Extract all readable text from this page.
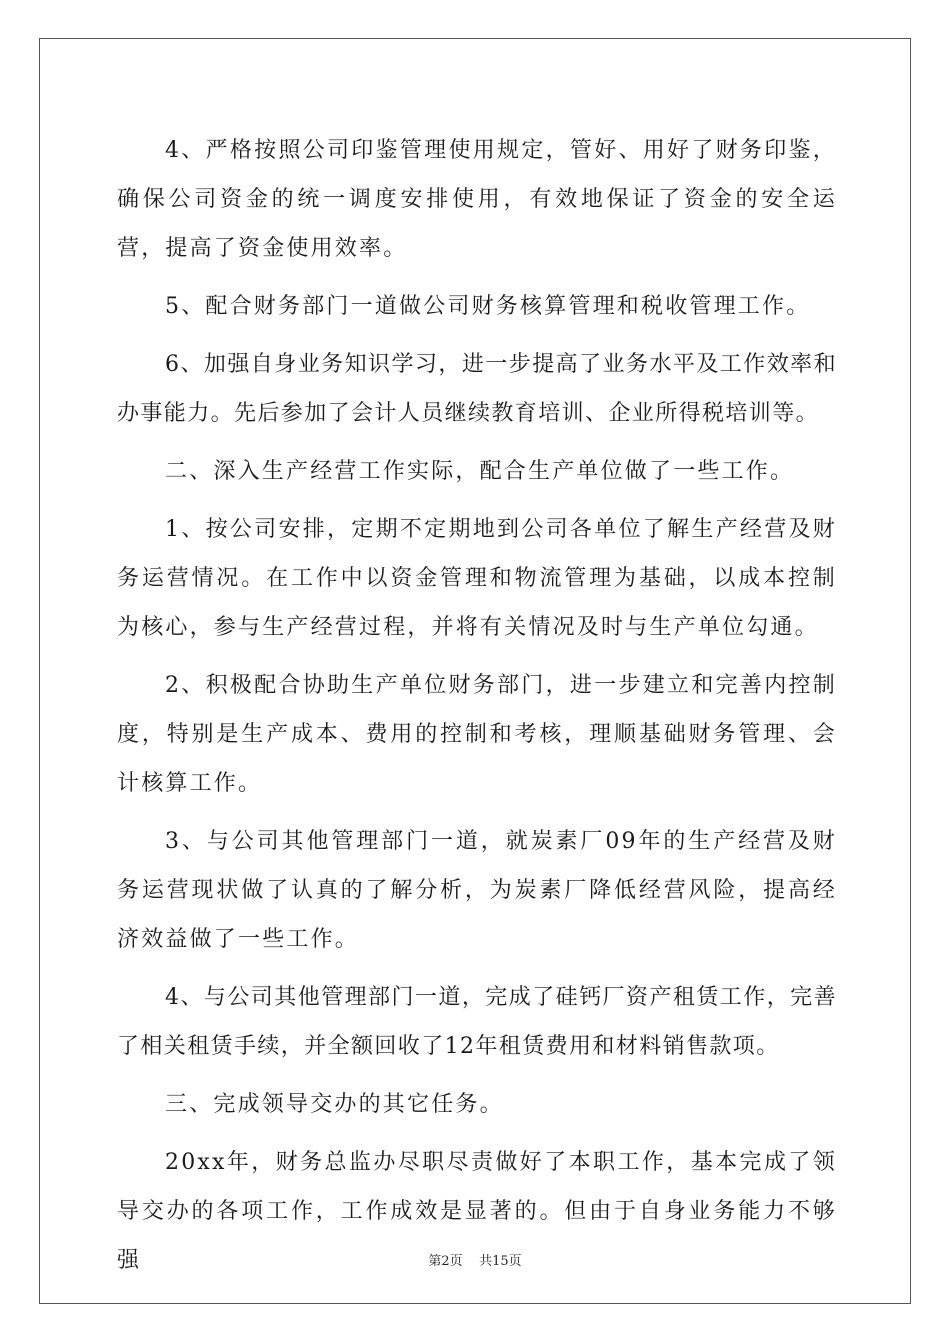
4、严格按照公司印鉴管理使用规定，管好、用好了财务印鉴，确保公司资金的统一调度安排使用，有效地保证了资金的安全运营，提高了资金使用效率。

5、配合财务部门一道做公司财务核算管理和税收管理工作。

6、加强自身业务知识学习，进一步提高了业务水平及工作效率和办事能力。先后参加了会计人员继续教育培训、企业所得税培训等。

二、深入生产经营工作实际，配合生产单位做了一些工作。

1、按公司安排，定期不定期地到公司各单位了解生产经营及财务运营情况。在工作中以资金管理和物流管理为基础，以成本控制为核心，参与生产经营过程，并将有关情况及时与生产单位勾通。

2、积极配合协助生产单位财务部门，进一步建立和完善内控制度，特别是生产成本、费用的控制和考核，理顺基础财务管理、会计核算工作。

3、与公司其他管理部门一道，就炭素厂09年的生产经营及财务运营现状做了认真的了解分析，为炭素厂降低经营风险，提高经济效益做了一些工作。

4、与公司其他管理部门一道，完成了硅钙厂资产租赁工作，完善了相关租赁手续，并全额回收了12年租赁费用和材料销售款项。

三、完成领导交办的其它任务。

20xx年，财务总监办尽职尽责做好了本职工作，基本完成了领导交办的各项工作，工作成效是显著的。但由于自身业务能力不够强	第2页 共15页
